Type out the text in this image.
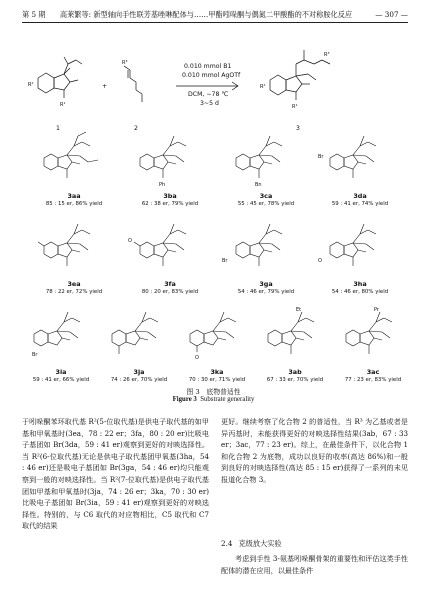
第 5 期　　高莱繁等: 新型轴向手性联芳基唑啉配体与……甲酯吲哚酮与偶氮二甲酸酯的不对称胺化反应	— 307 —
1	2	3
+
R²
R¹
R³
R¹
R²
R³
0.010 mmol B1
0.010 mmol AgOTf
DCM, −78 ℃
3~5 d
3aa
85 : 15 er, 86% yield
Ph
3ba
62 : 38 er, 79% yield
Bn
3ca
55 : 45 er, 78% yield
Br
3da
59 : 41 er, 74% yield
3ea
78 : 22 er, 72% yield
O
3fa
80 : 20 er, 83% yield
Br
3ga
54 : 46 er, 79% yield
O
3ha
54 : 46 er, 80% yield
Br
3ia
59 : 41 er, 66% yield
3ja
74 : 26 er, 70% yield
O
3ka
70 : 30 er, 71% yield
Et
3ab
67 : 33 er, 70% yield
Pr
3ac
77 : 23 er, 83% yield
图 3　底物普适性
Figure 3 Substrate generality

于吲哚酮苯环取代基 R²(5-位取代基)是供电子取代基的如甲基和甲氧基时(3ea，78 : 22 er；3fa，80 : 20 er)比吸电子基团如 Br(3da，59 : 41 er)观察到更好的对映选择性。当 R²(6-位取代基)无论是供电子取代基团甲氧基(3ha，54 : 46 er)还是吸电子基团如 Br(3ga，54 : 46 er)均只能观察到一般的对映选择性。当 R²(7-位取代基)是供电子取代基团如甲基和甲氧基时(3ja，74 : 26 er；3ka，70 : 30 er)比吸电子基团如 Br(3ia，59 : 41 er)观察到更好的对映选择性。特别的，与 C6 取代的对应物相比，C5 取代和 C7 取代的结果

更好。继续考察了化合物 2 的普适性，当 R³ 为乙基或者是异丙基时，未能获得更好的对映选择性结果(3ab，67 : 33 er；3ac，77 : 23 er)。综上，在最佳条件下，以化合物 1 和化合物 2 为底物，成功以良好的收率(高达 86%)和一般到良好的对映选择性(高达 85 : 15 er)获得了一系列的未见报道化合物 3。

2.4 克级放大实验

考虑到手性 3-氨基吲哚酮骨架的重要性和评估这类手性配体的潜在应用，以最佳条件
